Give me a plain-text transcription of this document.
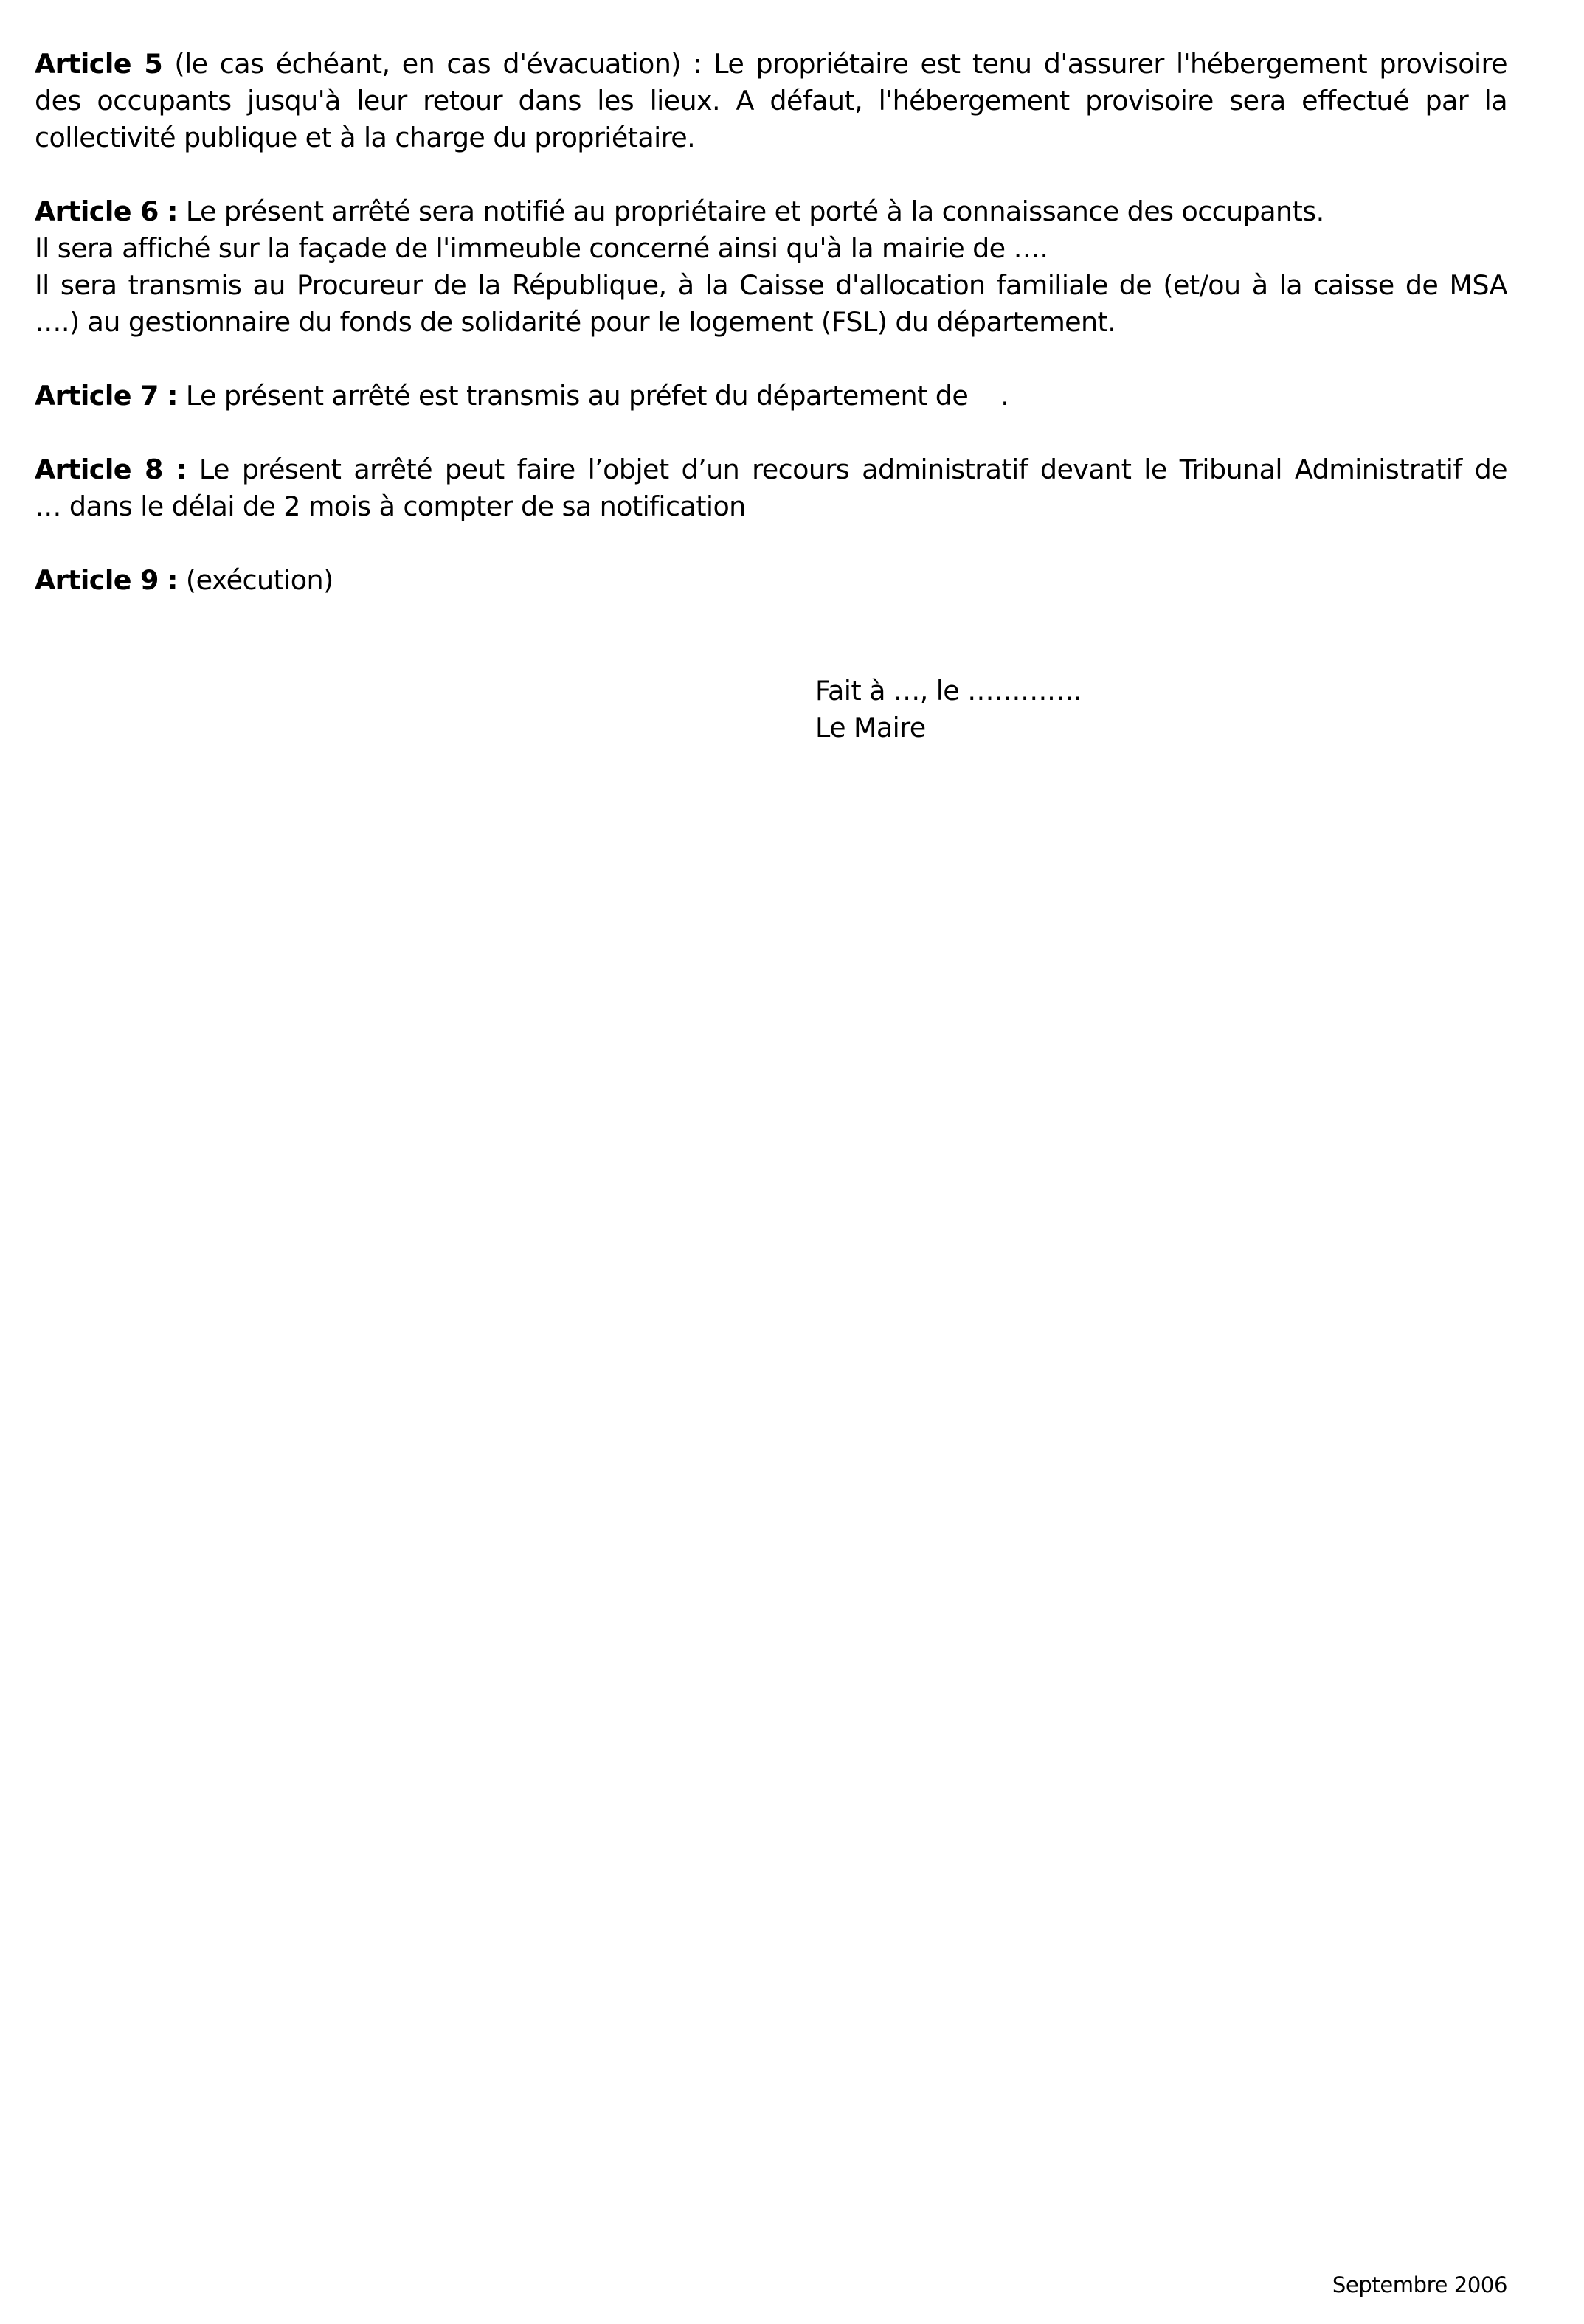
Article 5 (le cas échéant, en cas d'évacuation) : Le propriétaire est tenu d'assurer l'hébergement provisoire
des occupants jusqu'à leur retour dans les lieux. A défaut, l'hébergement provisoire sera effectué par la
collectivité publique et à la charge du propriétaire.
Article 6 : Le présent arrêté sera notifié au propriétaire et porté à la connaissance des occupants.
Il sera affiché sur la façade de l'immeuble concerné ainsi qu'à la mairie de ….
Il sera transmis au Procureur de la République, à la Caisse d'allocation familiale de (et/ou à la caisse de MSA
….) au gestionnaire du fonds de solidarité pour le logement (FSL) du département.
Article 7 : Le présent arrêté est transmis au préfet du département de    .
Article 8 : Le présent arrêté peut faire l’objet d’un recours administratif devant le Tribunal Administratif de
… dans le délai de 2 mois à compter de sa notification
Article 9 : (exécution)
Fait à …, le ………….
Le Maire
Septembre 2006
